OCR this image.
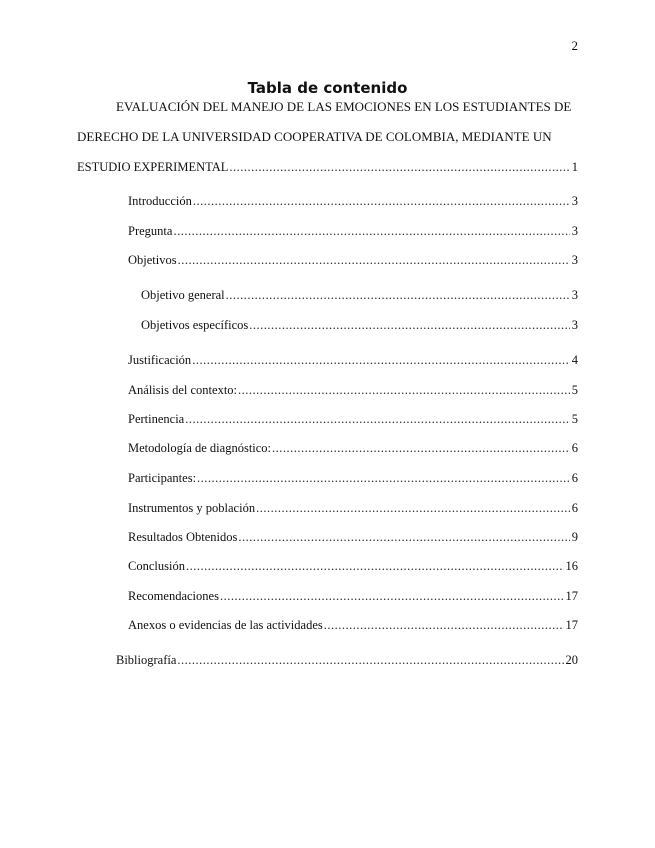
2
Tabla de contenido
EVALUACIÓN DEL MANEJO DE LAS EMOCIONES EN LOS ESTUDIANTES DE
DERECHO DE LA UNIVERSIDAD COOPERATIVA DE COLOMBIA, MEDIANTE UN
ESTUDIO EXPERIMENTAL .....	1
Introducción .....	3
Pregunta .....	3
Objetivos .....	3
Objetivo general .....	3
Objetivos específicos .....	3
Justificación .....	4
Análisis del contexto: .....	5
Pertinencia .....	5
Metodología de diagnóstico: .....	6
Participantes: .....	6
Instrumentos y población .....	6
Resultados Obtenidos .....	9
Conclusión .....	16
Recomendaciones .....	17
Anexos o evidencias de las actividades .....	17
Bibliografía .....	20
